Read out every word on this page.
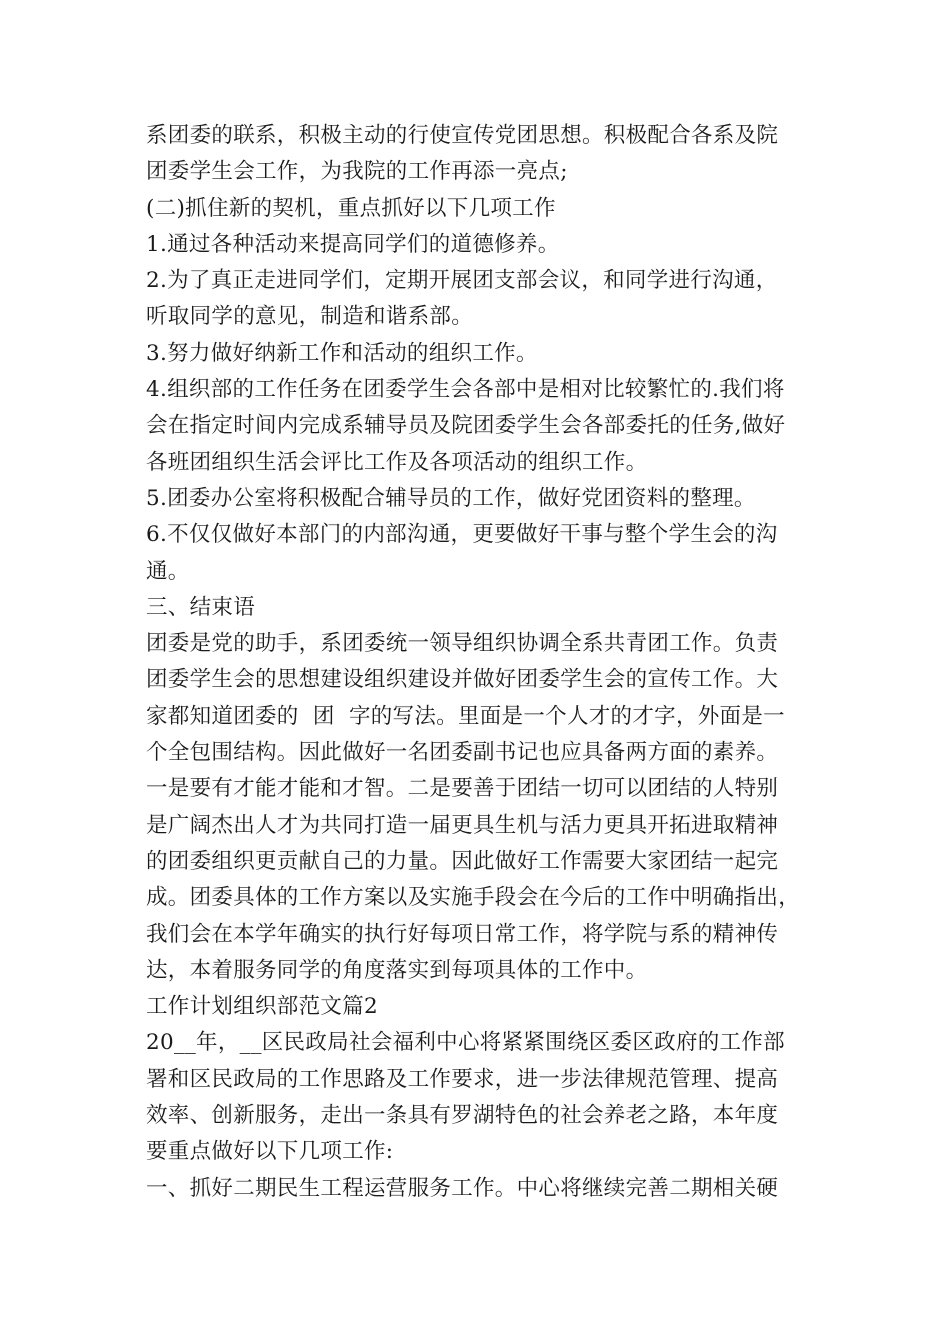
系团委的联系，积极主动的行使宣传党团思想。积极配合各系及院
团委学生会工作，为我院的工作再添一亮点;
(二)抓住新的契机，重点抓好以下几项工作
1.通过各种活动来提高同学们的道德修养。
2.为了真正走进同学们，定期开展团支部会议，和同学进行沟通，
听取同学的意见，制造和谐系部。
3.努力做好纳新工作和活动的组织工作。
4.组织部的工作任务在团委学生会各部中是相对比较繁忙的.我们将
会在指定时间内完成系辅导员及院团委学生会各部委托的任务,做好
各班团组织生活会评比工作及各项活动的组织工作。
5.团委办公室将积极配合辅导员的工作，做好党团资料的整理。
6.不仅仅做好本部门的内部沟通，更要做好干事与整个学生会的沟
通。
三、结束语
团委是党的助手，系团委统一领导组织协调全系共青团工作。负责
团委学生会的思想建设组织建设并做好团委学生会的宣传工作。大
家都知道团委的  团  字的写法。里面是一个人才的才字，外面是一
个全包围结构。因此做好一名团委副书记也应具备两方面的素养。
一是要有才能才能和才智。二是要善于团结一切可以团结的人特别
是广阔杰出人才为共同打造一届更具生机与活力更具开拓进取精神
的团委组织更贡献自己的力量。因此做好工作需要大家团结一起完
成。团委具体的工作方案以及实施手段会在今后的工作中明确指出，
我们会在本学年确实的执行好每项日常工作，将学院与系的精神传
达，本着服务同学的角度落实到每项具体的工作中。
工作计划组织部范文篇2
20__年，__区民政局社会福利中心将紧紧围绕区委区政府的工作部
署和区民政局的工作思路及工作要求，进一步法律规范管理、提高
效率、创新服务，走出一条具有罗湖特色的社会养老之路，本年度
要重点做好以下几项工作:
一、抓好二期民生工程运营服务工作。中心将继续完善二期相关硬
